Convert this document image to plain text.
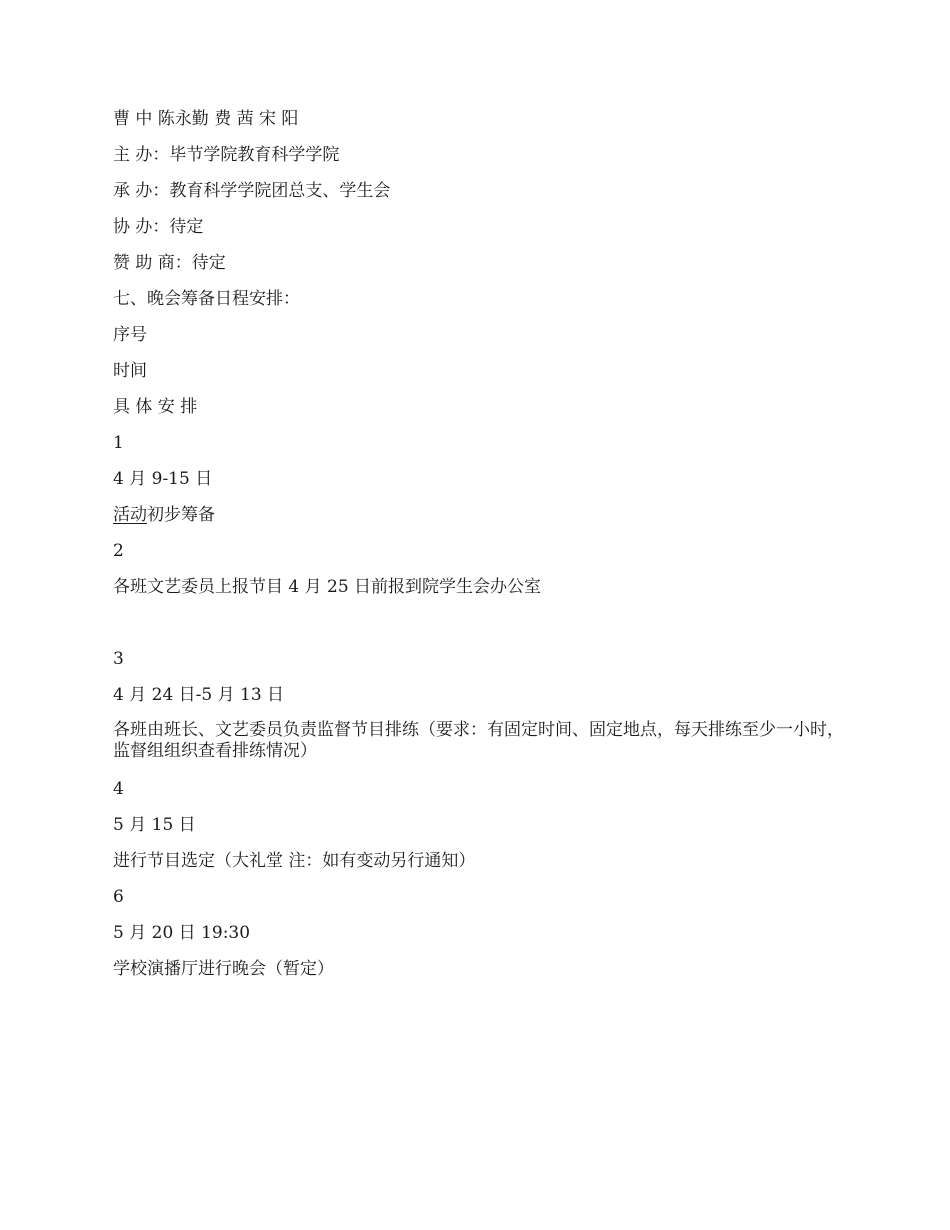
曹 中 陈永勤 费 茜 宋 阳
主 办：毕节学院教育科学学院
承 办：教育科学学院团总支、学生会
协 办：待定
赞 助 商：待定
七、晚会筹备日程安排：
序号
时间
具 体 安 排
1
4 月 9-15 日
活动初步筹备
2
各班文艺委员上报节目 4 月 25 日前报到院学生会办公室
3
4 月 24 日-5 月 13 日
各班由班长、文艺委员负责监督节目排练（要求：有固定时间、固定地点，每天排练至少一小时，监督组组织查看排练情况）
4
5 月 15 日
进行节目选定（大礼堂 注：如有变动另行通知）
6
5 月 20 日 19:30
学校演播厅进行晚会（暂定）
